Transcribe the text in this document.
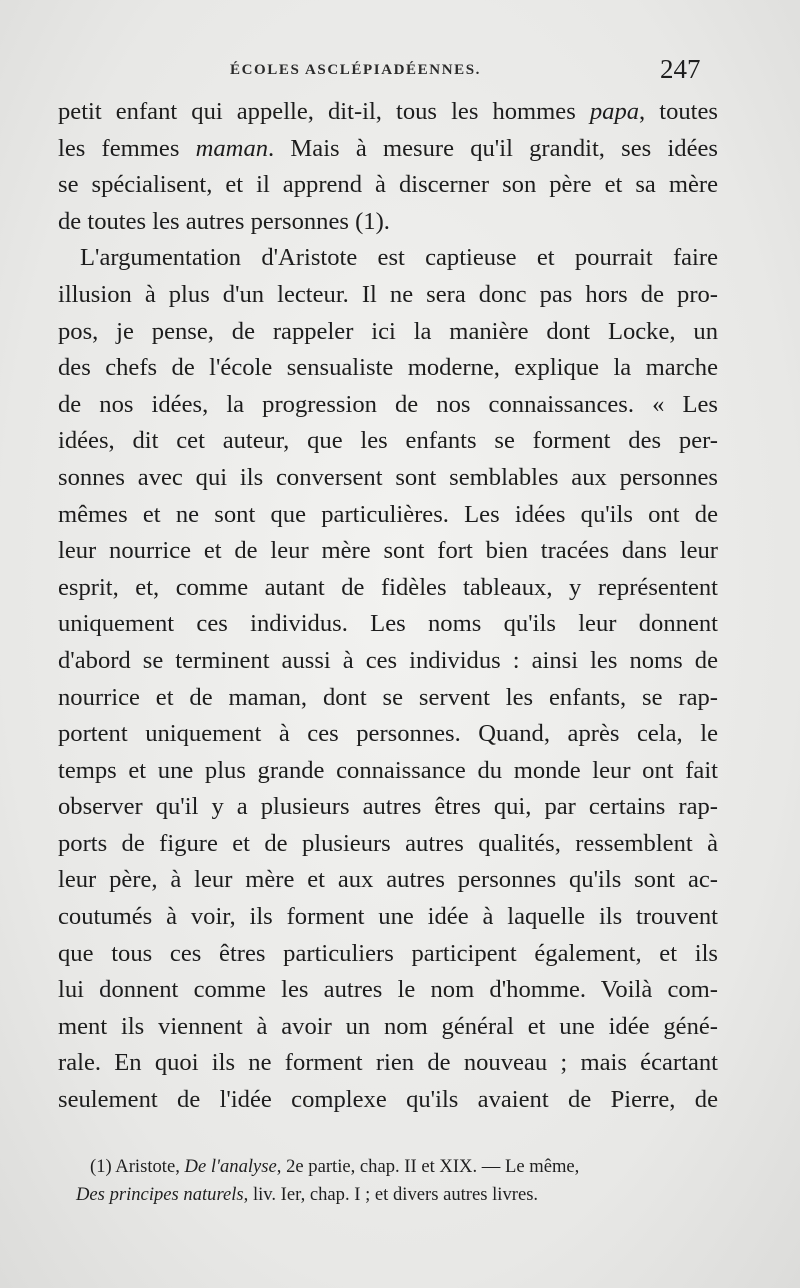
ÉCOLES ASCLÉPIADÉENNES.	247
petit enfant qui appelle, dit-il, tous les hommes papa, toutes
les femmes maman. Mais à mesure qu'il grandit, ses idées
se spécialisent, et il apprend à discerner son père et sa mère
de toutes les autres personnes (1).
L'argumentation d'Aristote est captieuse et pourrait faire
illusion à plus d'un lecteur. Il ne sera donc pas hors de pro-
pos, je pense, de rappeler ici la manière dont Locke, un
des chefs de l'école sensualiste moderne, explique la marche
de nos idées, la progression de nos connaissances. « Les
idées, dit cet auteur, que les enfants se forment des per-
sonnes avec qui ils conversent sont semblables aux personnes
mêmes et ne sont que particulières. Les idées qu'ils ont de
leur nourrice et de leur mère sont fort bien tracées dans leur
esprit, et, comme autant de fidèles tableaux, y représentent
uniquement ces individus. Les noms qu'ils leur donnent
d'abord se terminent aussi à ces individus : ainsi les noms de
nourrice et de maman, dont se servent les enfants, se rap-
portent uniquement à ces personnes. Quand, après cela, le
temps et une plus grande connaissance du monde leur ont fait
observer qu'il y a plusieurs autres êtres qui, par certains rap-
ports de figure et de plusieurs autres qualités, ressemblent à
leur père, à leur mère et aux autres personnes qu'ils sont ac-
coutumés à voir, ils forment une idée à laquelle ils trouvent
que tous ces êtres particuliers participent également, et ils
lui donnent comme les autres le nom d'homme. Voilà com-
ment ils viennent à avoir un nom général et une idée géné-
rale. En quoi ils ne forment rien de nouveau ; mais écartant
seulement de l'idée complexe qu'ils avaient de Pierre, de
(1) Aristote, De l'analyse, 2e partie, chap. II et XIX. — Le même,
Des principes naturels, liv. Ier, chap. I ; et divers autres livres.
